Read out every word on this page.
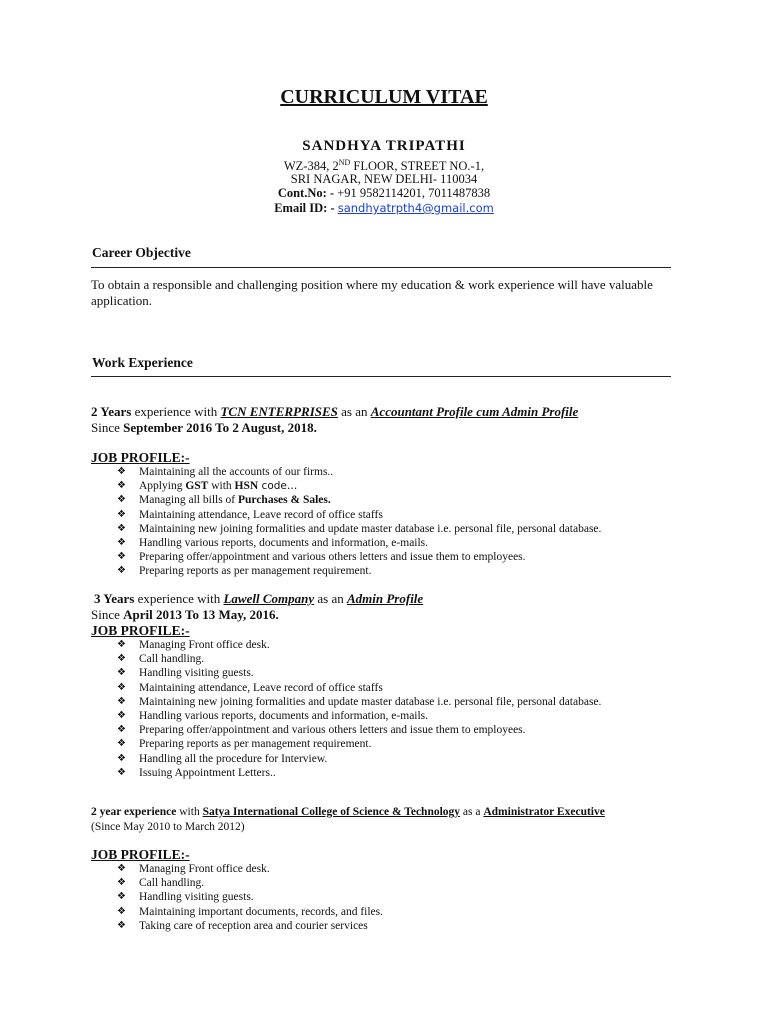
CURRICULUM VITAE
SANDHYA TRIPATHI
WZ-384, 2ND FLOOR, STREET NO.-1,
SRI NAGAR, NEW DELHI- 110034
Cont.No: - +91 9582114201, 7011487838
Email ID: - sandhyatrpth4@gmail.com
Career Objective
To obtain a responsible and challenging position where my education & work experience will have valuable application.
Work Experience
2 Years experience with TCN ENTERPRISES as an Accountant Profile cum Admin Profile
Since September 2016 To 2 August, 2018.
JOB PROFILE:-
❖ Maintaining all the accounts of our firms..
❖ Applying GST with HSN code…
❖ Managing all bills of Purchases & Sales.
❖ Maintaining attendance, Leave record of office staffs
❖ Maintaining new joining formalities and update master database i.e. personal file, personal database.
❖ Handling various reports, documents and information, e-mails.
❖ Preparing offer/appointment and various others letters and issue them to employees.
❖ Preparing reports as per management requirement.
3 Years experience with Lawell Company as an Admin Profile
Since April 2013 To 13 May, 2016.
JOB PROFILE:-
❖ Managing Front office desk.
❖ Call handling.
❖ Handling visiting guests.
❖ Maintaining attendance, Leave record of office staffs
❖ Maintaining new joining formalities and update master database i.e. personal file, personal database.
❖ Handling various reports, documents and information, e-mails.
❖ Preparing offer/appointment and various others letters and issue them to employees.
❖ Preparing reports as per management requirement.
❖ Handling all the procedure for Interview.
❖ Issuing Appointment Letters..
2 year experience with Satya International College of Science & Technology as a Administrator Executive
(Since May 2010 to March 2012)
JOB PROFILE:-
❖ Managing Front office desk.
❖ Call handling.
❖ Handling visiting guests.
❖ Maintaining important documents, records, and files.
❖ Taking care of reception area and courier services
